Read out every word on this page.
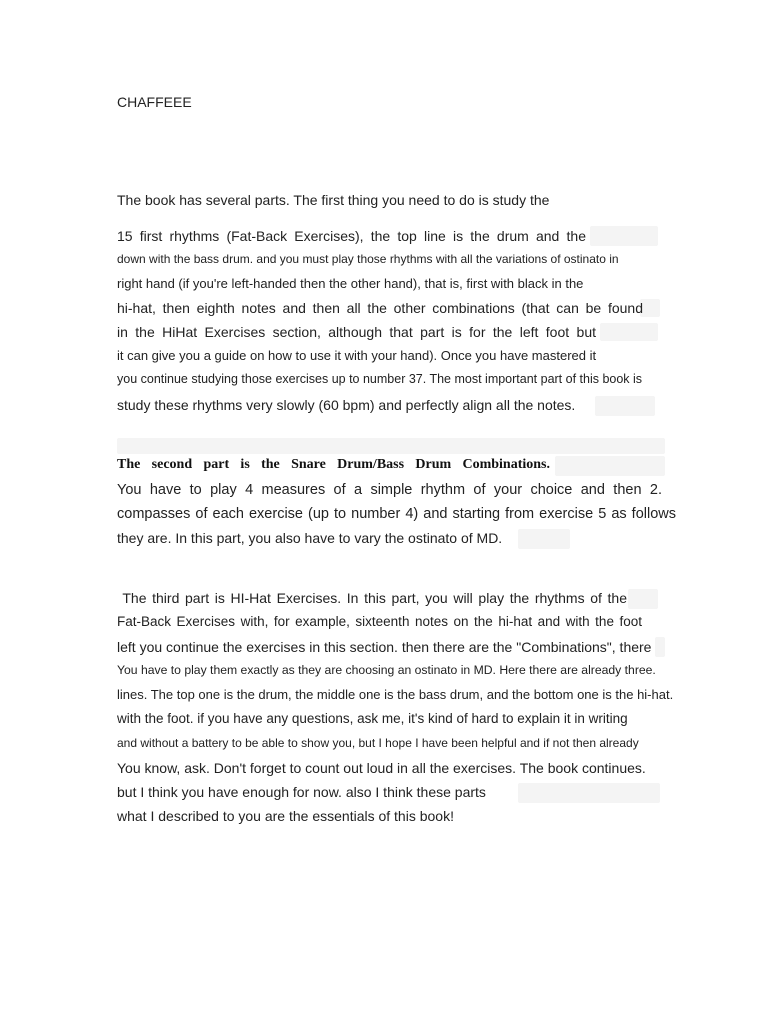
CHAFFEEE
The book has several parts. The first thing you need to do is study the
15 first rhythms (Fat-Back Exercises), the top line is the drum and the
down with the bass drum. and you must play those rhythms with all the variations of ostinato in
right hand (if you're left-handed then the other hand), that is, first with black in the
hi-hat, then eighth notes and then all the other combinations (that can be found
in the HiHat Exercises section, although that part is for the left foot but
it can give you a guide on how to use it with your hand). Once you have mastered it
you continue studying those exercises up to number 37. The most important part of this book is
study these rhythms very slowly (60 bpm) and perfectly align all the notes.
The second part is the Snare Drum/Bass Drum Combinations.
You have to play 4 measures of a simple rhythm of your choice and then 2.
compasses of each exercise (up to number 4) and starting from exercise 5 as follows
they are. In this part, you also have to vary the ostinato of MD.
The third part is HI-Hat Exercises. In this part, you will play the rhythms of the
Fat-Back Exercises with, for example, sixteenth notes on the hi-hat and with the foot
left you continue the exercises in this section. then there are the "Combinations", there
You have to play them exactly as they are choosing an ostinato in MD. Here there are already three.
lines. The top one is the drum, the middle one is the bass drum, and the bottom one is the hi-hat.
with the foot. if you have any questions, ask me, it's kind of hard to explain it in writing
and without a battery to be able to show you, but I hope I have been helpful and if not then already
You know, ask. Don't forget to count out loud in all the exercises. The book continues.
but I think you have enough for now. also I think these parts
what I described to you are the essentials of this book!
